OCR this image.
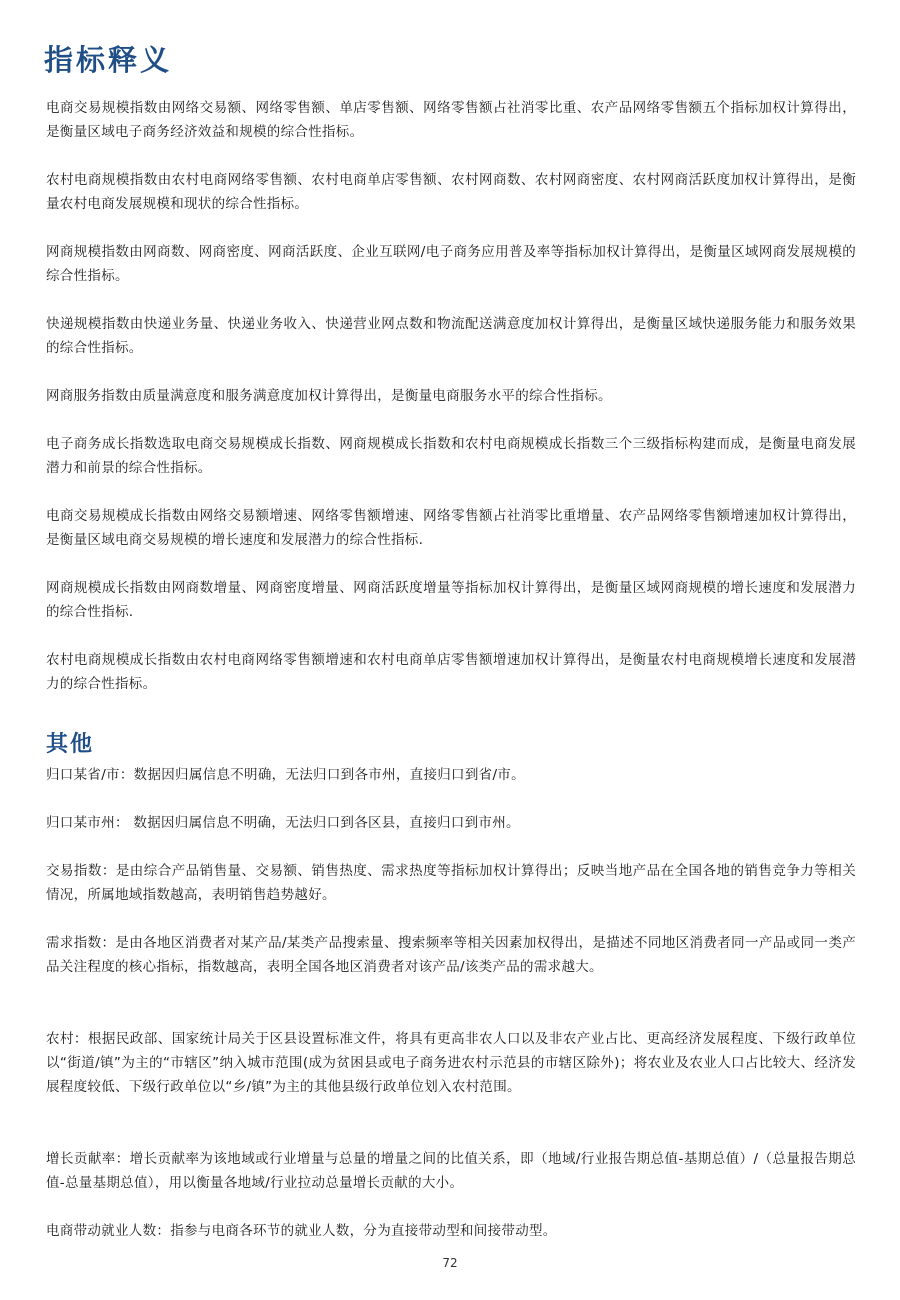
指标释义

电商交易规模指数由网络交易额、网络零售额、单店零售额、网络零售额占社消零比重、农产品网络零售额五个指标加权计算得出，是衡量区域电子商务经济效益和规模的综合性指标。

农村电商规模指数由农村电商网络零售额、农村电商单店零售额、农村网商数、农村网商密度、农村网商活跃度加权计算得出，是衡量农村电商发展规模和现状的综合性指标。

网商规模指数由网商数、网商密度、网商活跃度、企业互联网/电子商务应用普及率等指标加权计算得出，是衡量区域网商发展规模的综合性指标。

快递规模指数由快递业务量、快递业务收入、快递营业网点数和物流配送满意度加权计算得出，是衡量区域快递服务能力和服务效果的综合性指标。

网商服务指数由质量满意度和服务满意度加权计算得出，是衡量电商服务水平的综合性指标。

电子商务成长指数选取电商交易规模成长指数、网商规模成长指数和农村电商规模成长指数三个三级指标构建而成，是衡量电商发展潜力和前景的综合性指标。

电商交易规模成长指数由网络交易额增速、网络零售额增速、网络零售额占社消零比重增量、农产品网络零售额增速加权计算得出，是衡量区域电商交易规模的增长速度和发展潜力的综合性指标.

网商规模成长指数由网商数增量、网商密度增量、网商活跃度增量等指标加权计算得出，是衡量区域网商规模的增长速度和发展潜力的综合性指标.

农村电商规模成长指数由农村电商网络零售额增速和农村电商单店零售额增速加权计算得出，是衡量农村电商规模增长速度和发展潜力的综合性指标。

其他

归口某省/市：数据因归属信息不明确，无法归口到各市州，直接归口到省/市。

归口某市州： 数据因归属信息不明确，无法归口到各区县，直接归口到市州。

交易指数：是由综合产品销售量、交易额、销售热度、需求热度等指标加权计算得出；反映当地产品在全国各地的销售竞争力等相关情况，所属地域指数越高，表明销售趋势越好。

需求指数：是由各地区消费者对某产品/某类产品搜索量、搜索频率等相关因素加权得出，是描述不同地区消费者同一产品或同一类产品关注程度的核心指标，指数越高，表明全国各地区消费者对该产品/该类产品的需求越大。

农村：根据民政部、国家统计局关于区县设置标准文件，将具有更高非农人口以及非农产业占比、更高经济发展程度、下级行政单位以“街道/镇”为主的“市辖区”纳入城市范围(成为贫困县或电子商务进农村示范县的市辖区除外)；将农业及农业人口占比较大、经济发展程度较低、下级行政单位以“乡/镇”为主的其他县级行政单位划入农村范围。

增长贡献率：增长贡献率为该地域或行业增量与总量的增量之间的比值关系，即（地域/行业报告期总值-基期总值）/（总量报告期总值-总量基期总值），用以衡量各地域/行业拉动总量增长贡献的大小。

电商带动就业人数：指参与电商各环节的就业人数，分为直接带动型和间接带动型。

72
